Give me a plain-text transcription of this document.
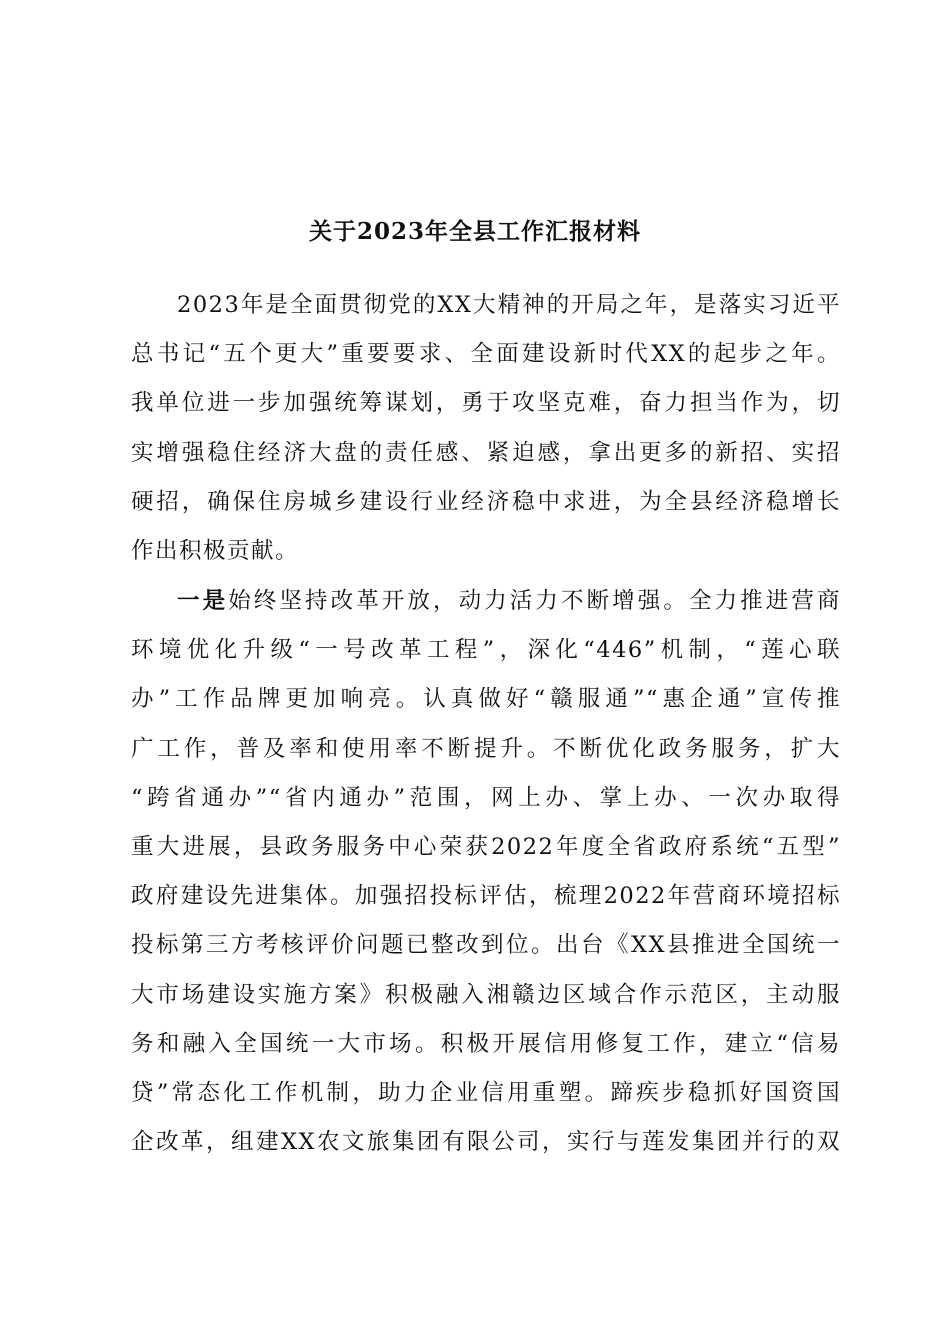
关于2023年全县工作汇报材料
2023年是全面贯彻党的XX大精神的开局之年，是落实习近平
总书记“五个更大”重要要求、全面建设新时代XX的起步之年。
我单位进一步加强统筹谋划，勇于攻坚克难，奋力担当作为，切
实增强稳住经济大盘的责任感、紧迫感，拿出更多的新招、实招
硬招，确保住房城乡建设行业经济稳中求进，为全县经济稳增长
作出积极贡献。
一是始终坚持改革开放，动力活力不断增强。全力推进营商
环境优化升级“一号改革工程”，深化“446”机制，“莲心联
办”工作品牌更加响亮。认真做好“赣服通”“惠企通”宣传推
广工作，普及率和使用率不断提升。不断优化政务服务，扩大
“跨省通办”“省内通办”范围，网上办、掌上办、一次办取得
重大进展，县政务服务中心荣获2022年度全省政府系统“五型”
政府建设先进集体。加强招投标评估，梳理2022年营商环境招标
投标第三方考核评价问题已整改到位。出台《XX县推进全国统一
大市场建设实施方案》积极融入湘赣边区域合作示范区，主动服
务和融入全国统一大市场。积极开展信用修复工作，建立“信易
贷”常态化工作机制，助力企业信用重塑。蹄疾步稳抓好国资国
企改革，组建XX农文旅集团有限公司，实行与莲发集团并行的双
